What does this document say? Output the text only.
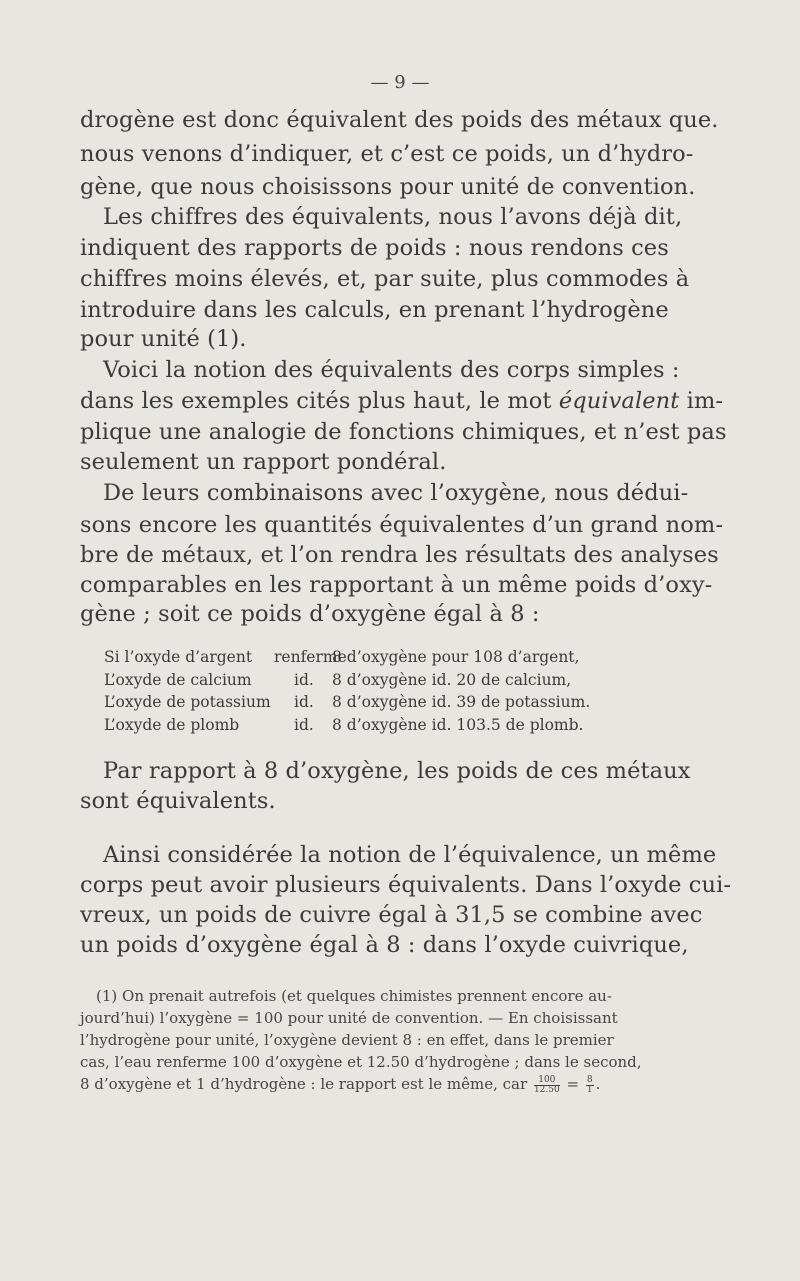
— 9 —
drogène est donc équivalent des poids des métaux que.
nous venons d’indiquer, et c’est ce poids, un d’hydro-
gène, que nous choisissons pour unité de convention.
Les chiffres des équivalents, nous l’avons déjà dit,
indiquent des rapports de poids : nous rendons ces
chiffres moins élevés, et, par suite, plus commodes à
introduire dans les calculs, en prenant l’hydrogène
pour unité (1).
Voici la notion des équivalents des corps simples :
dans les exemples cités plus haut, le mot équivalent im-
plique une analogie de fonctions chimiques, et n’est pas
seulement un rapport pondéral.
De leurs combinaisons avec l’oxygène, nous dédui-
sons encore les quantités équivalentes d’un grand nom-
bre de métaux, et l’on rendra les résultats des analyses
comparables en les rapportant à un même poids d’oxy-
gène ; soit ce poids d’oxygène égal à 8 :
Si l’oxyde d’argent renferme
8 d’oxygène pour 108 d’argent,
L’oxyde de calcium	id. 8 d’oxygène id. 20 de calcium,
L’oxyde de potassium id. 8 d’oxygène id. 39 de potassium.
L’oxyde de plomb	id. 8 d’oxygène id. 103.5 de plomb.
Par rapport à 8 d’oxygène, les poids de ces métaux
sont équivalents.
Ainsi considérée la notion de l’équivalence, un même
corps peut avoir plusieurs équivalents. Dans l’oxyde cui-
vreux, un poids de cuivre égal à 31,5 se combine avec
un poids d’oxygène égal à 8 : dans l’oxyde cuivrique,
(1) On prenait autrefois (et quelques chimistes prennent encore au-
jourd’hui) l’oxygène = 100 pour unité de convention. — En choisissant
l’hydrogène pour unité, l’oxygène devient 8 : en effet, dans le premier
cas, l’eau renferme 100 d’oxygène et 12.50 d’hydrogène ; dans le second,
8 d’oxygène et 1 d’hydrogène : le rapport est le même, car $\frac{100}{12.50} = \frac{8}{1}$ .
